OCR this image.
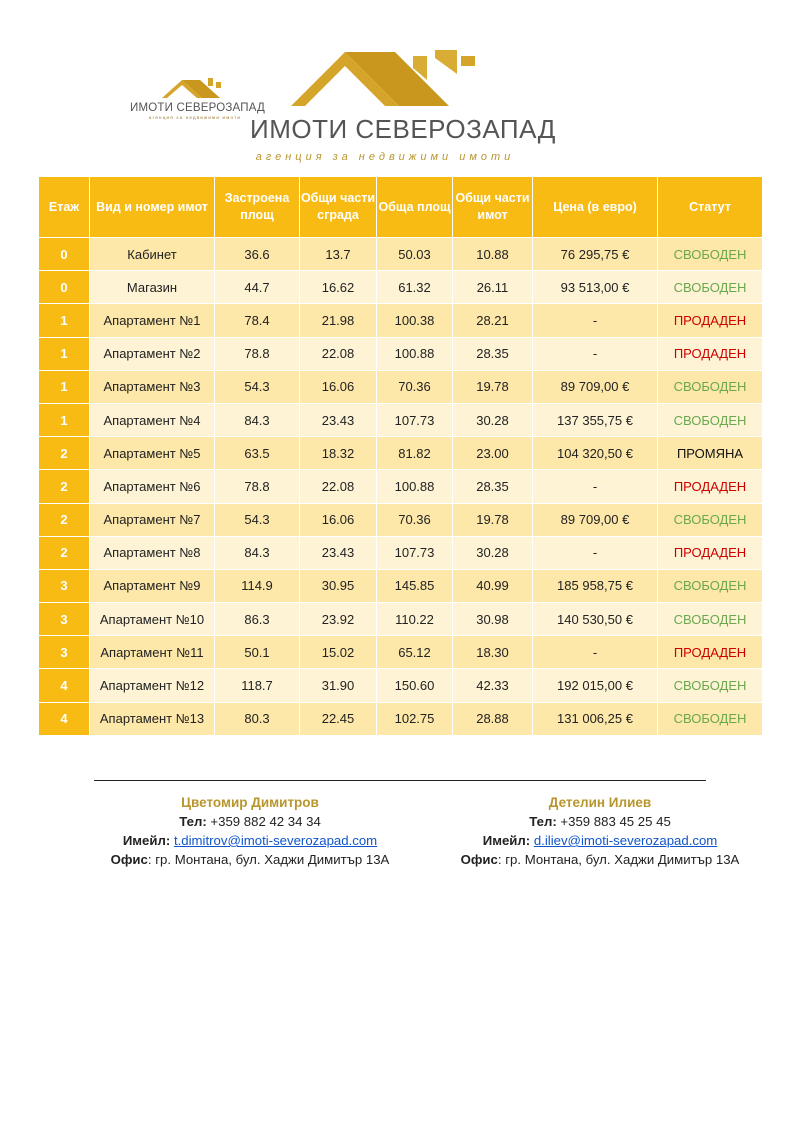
ИМОТИ СЕВЕРОЗАПАД
агенция за недвижими имоти ИМОТИ СЕВЕРОЗАПАД
агенция за недвижими имоти
Етаж	Вид и номер имот	Застроена площ	Общи части сграда	Обща площ	Общи части имот	Цена (в евро)	Статут
0	Кабинет	36.6	13.7	50.03	10.88	76 295,75 €	СВОБОДЕН
0	Магазин	44.7	16.62	61.32	26.11	93 513,00 €	СВОБОДЕН
1	Апартамент №1	78.4	21.98	100.38	28.21	-	ПРОДАДЕН
1	Апартамент №2	78.8	22.08	100.88	28.35	-	ПРОДАДЕН
1	Апартамент №3	54.3	16.06	70.36	19.78	89 709,00 €	СВОБОДЕН
1	Апартамент №4	84.3	23.43	107.73	30.28	137 355,75 €	СВОБОДЕН
2	Апартамент №5	63.5	18.32	81.82	23.00	104 320,50 €	ПРОМЯНА
2	Апартамент №6	78.8	22.08	100.88	28.35	-	ПРОДАДЕН
2	Апартамент №7	54.3	16.06	70.36	19.78	89 709,00 €	СВОБОДЕН
2	Апартамент №8	84.3	23.43	107.73	30.28	-	ПРОДАДЕН
3	Апартамент №9	114.9	30.95	145.85	40.99	185 958,75 €	СВОБОДЕН
3	Апартамент №10	86.3	23.92	110.22	30.98	140 530,50 €	СВОБОДЕН
3	Апартамент №11	50.1	15.02	65.12	18.30	-	ПРОДАДЕН
4	Апартамент №12	118.7	31.90	150.60	42.33	192 015,00 €	СВОБОДЕН
4	Апартамент №13	80.3	22.45	102.75	28.88	131 006,25 €	СВОБОДЕН
Цветомир Димитров
Тел: +359 882 42 34 34
Имейл: t.dimitrov@imoti-severozapad.com
Офис: гр. Монтана, бул. Хаджи Димитър 13А
Детелин Илиев
Тел: +359 883 45 25 45
Имейл: d.iliev@imoti-severozapad.com
Офис: гр. Монтана, бул. Хаджи Димитър 13А
